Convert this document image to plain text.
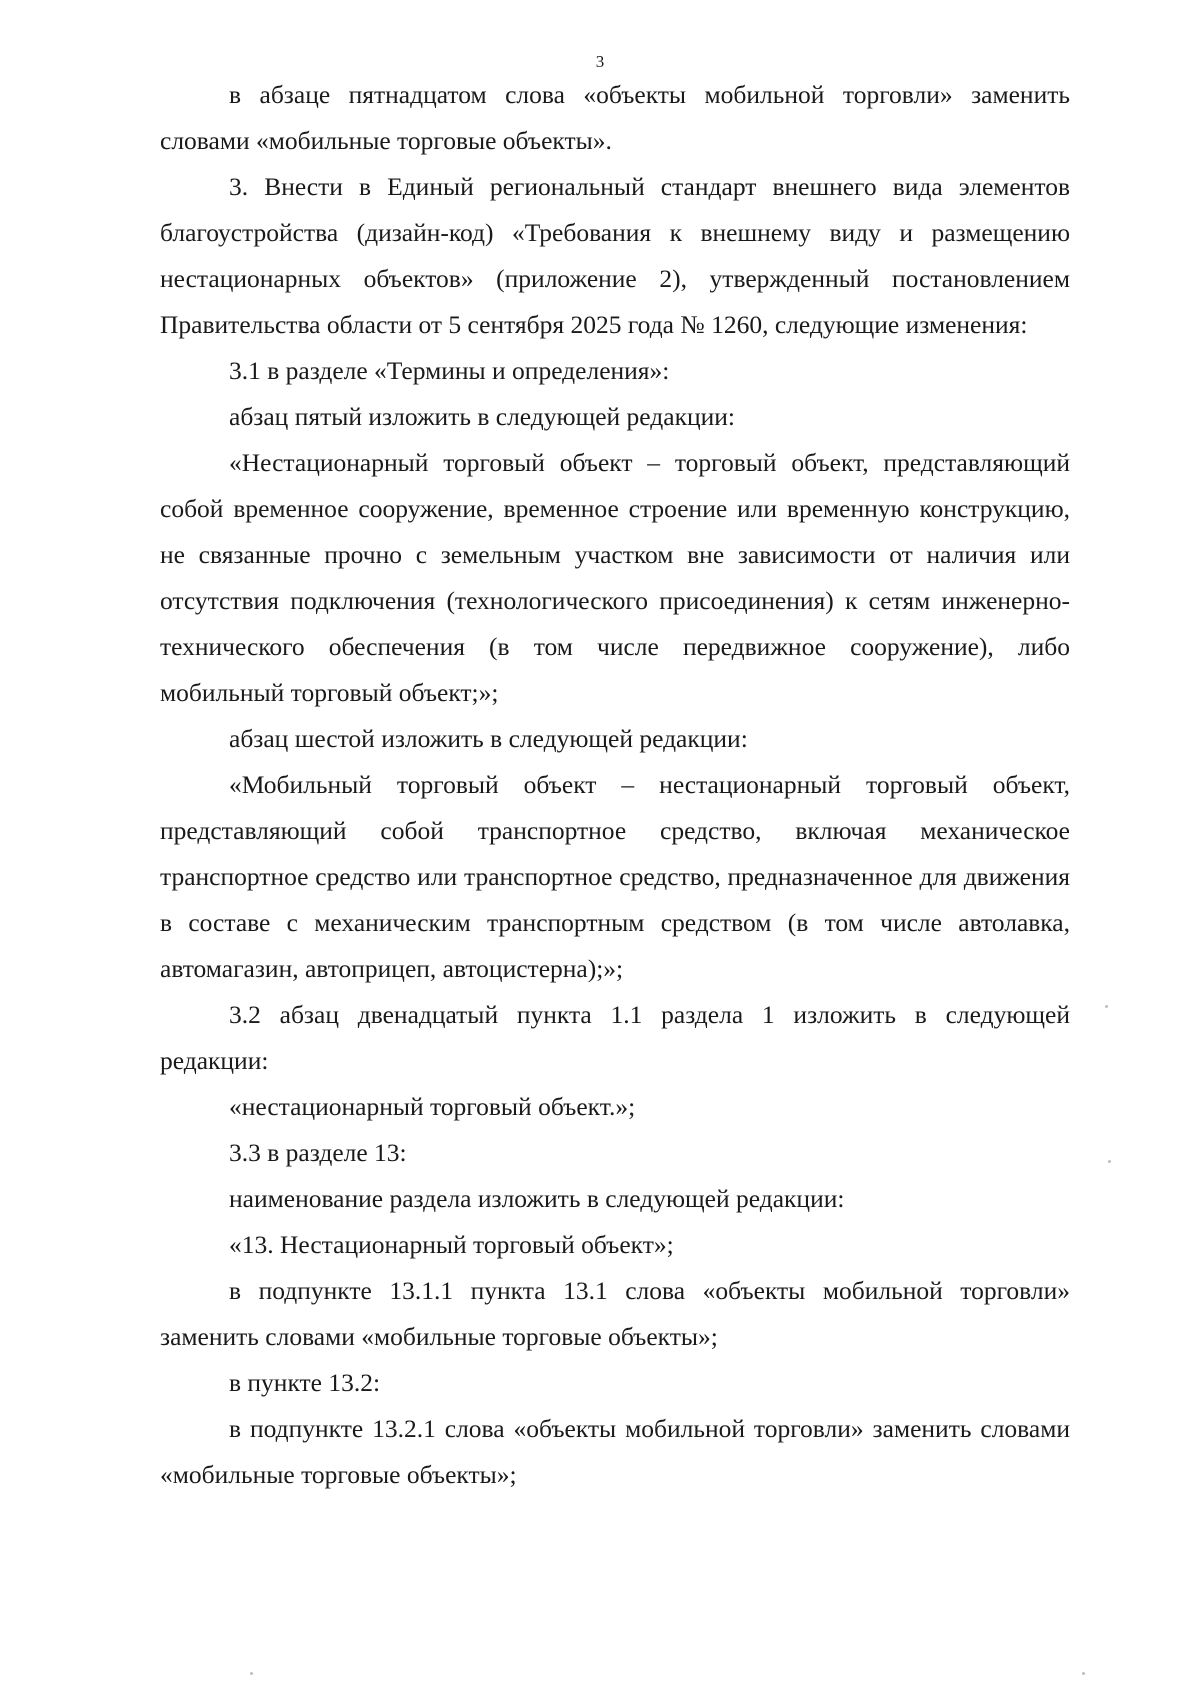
3

в абзаце пятнадцатом слова «объекты мобильной торговли» заменить словами «мобильные торговые объекты».

3. Внести в Единый региональный стандарт внешнего вида элементов благоустройства (дизайн-код) «Требования к внешнему виду и размещению нестационарных объектов» (приложение 2), утвержденный постановлением Правительства области от 5 сентября 2025 года № 1260, следующие изменения:

3.1 в разделе «Термины и определения»:

абзац пятый изложить в следующей редакции:

«Нестационарный торговый объект – торговый объект, представляющий собой временное сооружение, временное строение или временную конструкцию, не связанные прочно с земельным участком вне зависимости от наличия или отсутствия подключения (технологического присоединения) к сетям инженерно-технического обеспечения (в том числе передвижное сооружение), либо мобильный торговый объект;»;

абзац шестой изложить в следующей редакции:

«Мобильный торговый объект – нестационарный торговый объект, представляющий собой транспортное средство, включая механическое транспортное средство или транспортное средство, предназначенное для движения в составе с механическим транспортным средством (в том числе автолавка, автомагазин, автоприцеп, автоцистерна);»;

3.2 абзац двенадцатый пункта 1.1 раздела 1 изложить в следующей редакции:

«нестационарный торговый объект.»;

3.3 в разделе 13:

наименование раздела изложить в следующей редакции:

«13. Нестационарный торговый объект»;

в подпункте 13.1.1 пункта 13.1 слова «объекты мобильной торговли» заменить словами «мобильные торговые объекты»;

в пункте 13.2:

в подпункте 13.2.1 слова «объекты мобильной торговли» заменить словами «мобильные торговые объекты»;
